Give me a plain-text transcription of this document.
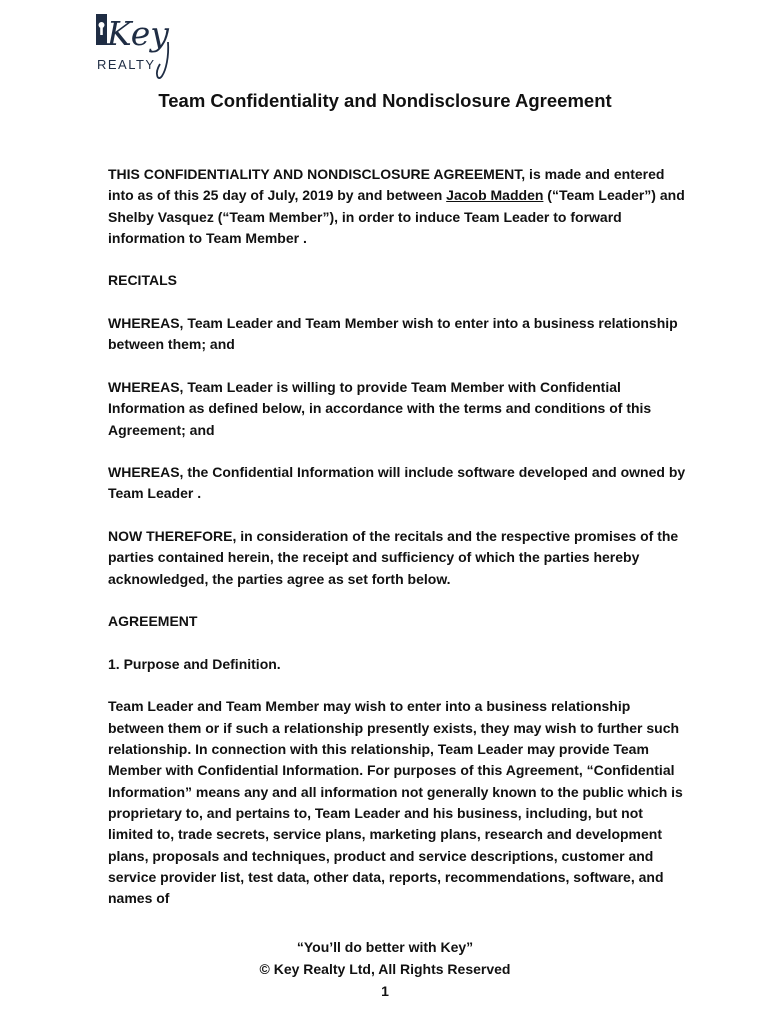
Key
REALTY
Team Confidentiality and Nondisclosure Agreement

THIS CONFIDENTIALITY AND NONDISCLOSURE AGREEMENT, is made and entered into as of this 25 day of July, 2019 by and between Jacob Madden (“Team Leader”) and Shelby Vasquez (“Team Member”), in order to induce Team Leader to forward information to Team Member .

RECITALS

WHEREAS, Team Leader and Team Member wish to enter into a business relationship between them; and

WHEREAS, Team Leader is willing to provide Team Member with Confidential Information as defined below, in accordance with the terms and conditions of this Agreement; and

WHEREAS, the Confidential Information will include software developed and owned by Team Leader .

NOW THEREFORE, in consideration of the recitals and the respective promises of the parties contained herein, the receipt and sufficiency of which the parties hereby acknowledged, the parties agree as set forth below.

AGREEMENT

1. Purpose and Definition.

Team Leader and Team Member may wish to enter into a business relationship between them or if such a relationship presently exists, they may wish to further such relationship. In connection with this relationship, Team Leader may provide Team Member with Confidential Information. For purposes of this Agreement, “Confidential Information” means any and all information not generally known to the public which is proprietary to, and pertains to, Team Leader and his business, including, but not limited to, trade secrets, service plans, marketing plans, research and development plans, proposals and techniques, product and service descriptions, customer and service provider list, test data, other data, reports, recommendations, software, and names of

“You’ll do better with Key”
© Key Realty Ltd, All Rights Reserved
1
